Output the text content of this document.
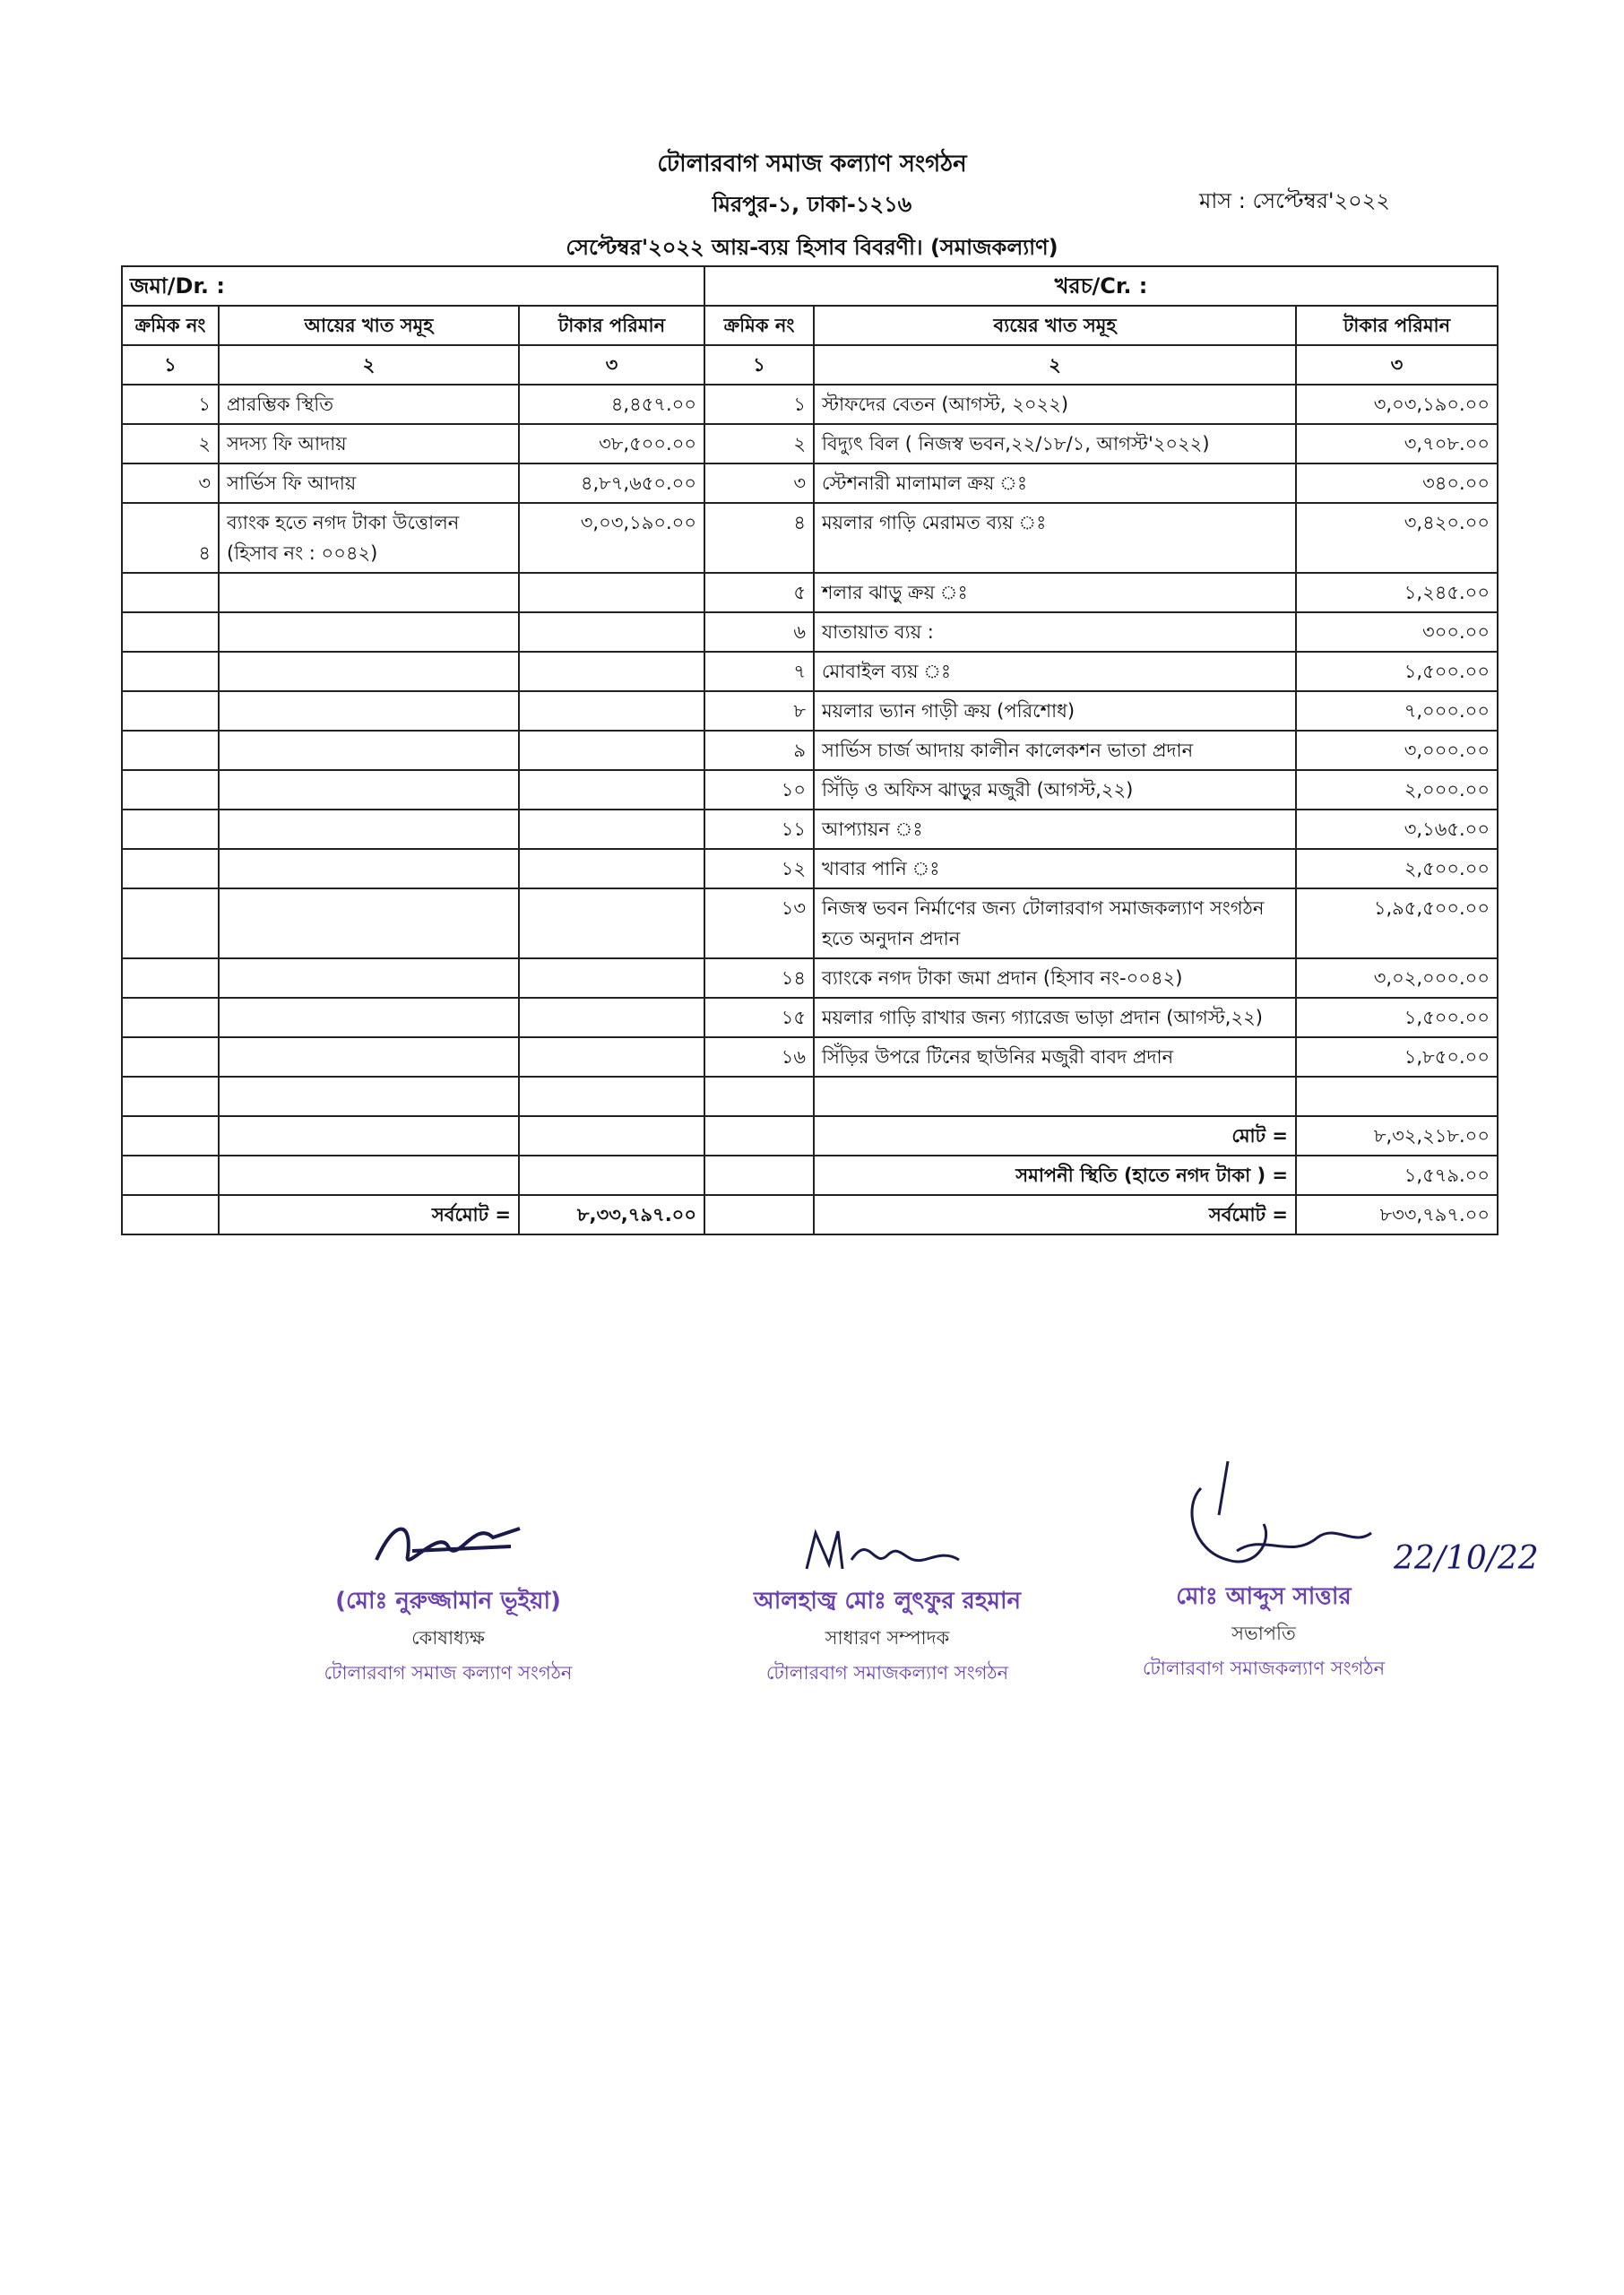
টোলারবাগ সমাজ কল্যাণ সংগঠন
মিরপুর-১, ঢাকা-১২১৬	মাস : সেপ্টেম্বর'২০২২
সেপ্টেম্বর'২০২২ আয়-ব্যয় হিসাব বিবরণী। (সমাজকল্যাণ)
জমা/Dr. :			খরচ/Cr. :		
ক্রমিক নং	আয়ের খাত সমূহ	টাকার পরিমান	ক্রমিক নং	ব্যয়ের খাত সমূহ	টাকার পরিমান
১	২	৩	১	২	৩
১	প্রারম্ভিক স্থিতি	৪,৪৫৭.০০	১	স্টাফদের বেতন (আগস্ট, ২০২২)	৩,০৩,১৯০.০০
২	সদস্য ফি আদায়	৩৮,৫০০.০০	২	বিদ্যুৎ বিল ( নিজস্ব ভবন,২২/১৮/১, আগস্ট'২০২২)	৩,৭০৮.০০
৩	সার্ভিস ফি আদায়	৪,৮৭,৬৫০.০০	৩	স্টেশনারী মালামাল ক্রয় ঃ	৩৪০.০০
৪	ব্যাংক হতে নগদ টাকা উত্তোলন (হিসাব নং : ০০৪২)	৩,০৩,১৯০.০০	৪	ময়লার গাড়ি মেরামত ব্যয় ঃ	৩,৪২০.০০
			৫	শলার ঝাড়ু ক্রয় ঃ	১,২৪৫.০০
			৬	যাতায়াত ব্যয় :	৩০০.০০
			৭	মোবাইল ব্যয় ঃ	১,৫০০.০০
			৮	ময়লার ভ্যান গাড়ী ক্রয় (পরিশোধ)	৭,০০০.০০
			৯	সার্ভিস চার্জ আদায় কালীন কালেকশন ভাতা প্রদান	৩,০০০.০০
			১০	সিঁড়ি ও অফিস ঝাড়ুর মজুরী (আগস্ট,২২)	২,০০০.০০
			১১	আপ্যায়ন ঃ	৩,১৬৫.০০
			১২	খাবার পানি ঃ	২,৫০০.০০
			১৩	নিজস্ব ভবন নির্মাণের জন্য টোলারবাগ সমাজকল্যাণ সংগঠন হতে অনুদান প্রদান	১,৯৫,৫০০.০০
			১৪	ব্যাংকে নগদ টাকা জমা প্রদান (হিসাব নং-০০৪২)	৩,০২,০০০.০০
			১৫	ময়লার গাড়ি রাখার জন্য গ্যারেজ ভাড়া প্রদান (আগস্ট,২২)	১,৫০০.০০
			১৬	সিঁড়ির উপরে টিনের ছাউনির মজুরী বাবদ প্রদান	১,৮৫০.০০

				মোট =	৮,৩২,২১৮.০০
				সমাপনী স্থিতি (হাতে নগদ টাকা ) =	১,৫৭৯.০০
	সর্বমোট =	৮,৩৩,৭৯৭.০০		সর্বমোট =	৮৩৩,৭৯৭.০০
(মোঃ নুরুজ্জামান ভূইয়া)
কোষাধ্যক্ষ
টোলারবাগ সমাজ কল্যাণ সংগঠন
আলহাজ্ব মোঃ লুৎফুর রহমান
সাধারণ সম্পাদক
টোলারবাগ সমাজকল্যাণ সংগঠন
মোঃ আব্দুস সাত্তার
সভাপতি
টোলারবাগ সমাজকল্যাণ সংগঠন
22/10/22
